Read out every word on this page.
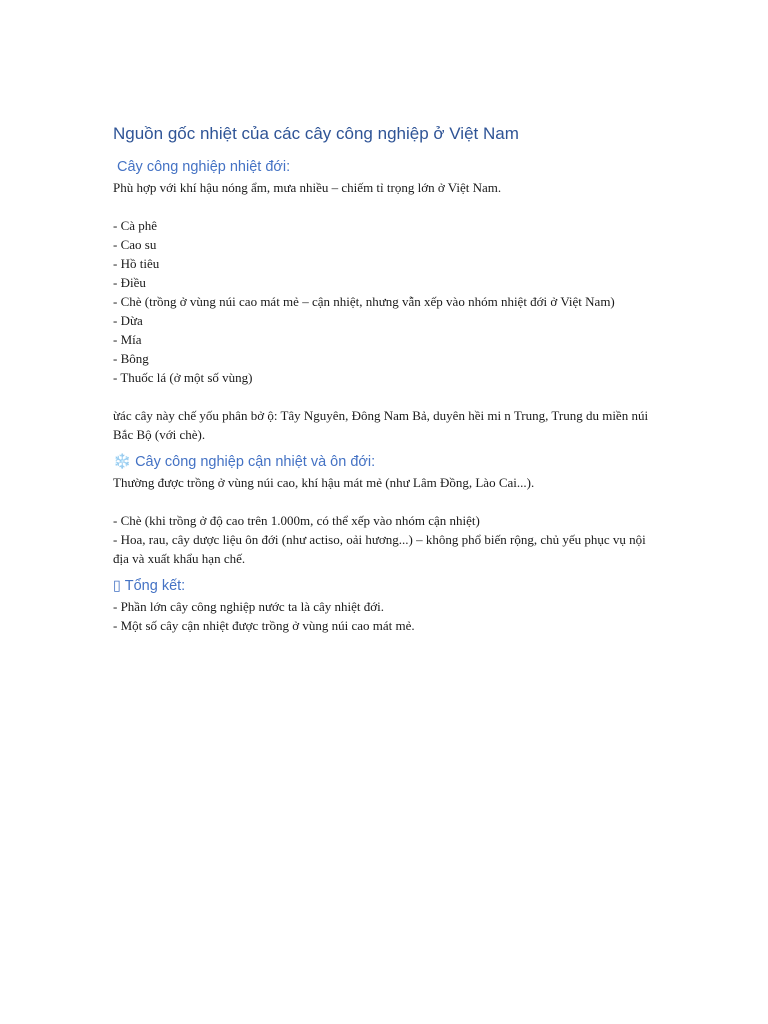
Nguồn gốc nhiệt của các cây công nghiệp ở Việt Nam
Cây công nghiệp nhiệt đới:

Phù hợp với khí hậu nóng ẩm, mưa nhiều – chiếm tỉ trọng lớn ở Việt Nam.

- Cà phê
- Cao su
- Hồ tiêu
- Điều
- Chè (trồng ở vùng núi cao mát mẻ – cận nhiệt, nhưng vẫn xếp vào nhóm nhiệt đới ở Việt Nam)
- Dừa
- Mía
- Bông
- Thuốc lá (ở một số vùng)

ừác cây này chế yốu phân bở ộ: Tây Nguyên, Đông Nam Bả, duyên hềi mi n Trung, Trung du miền núi Bắc Bộ (với chè).

❄️ Cây công nghiệp cận nhiệt và ôn đới:

Thường được trồng ở vùng núi cao, khí hậu mát mẻ (như Lâm Đồng, Lào Cai...).

- Chè (khi trồng ở độ cao trên 1.000m, có thể xếp vào nhóm cận nhiệt)
- Hoa, rau, cây dược liệu ôn đới (như actiso, oải hương...) – không phổ biến rộng, chủ yếu phục vụ nội địa và xuất khẩu hạn chế.
▯ Tổng kết:
- Phần lớn cây công nghiệp nước ta là cây nhiệt đới.
- Một số cây cận nhiệt được trồng ở vùng núi cao mát mẻ.
